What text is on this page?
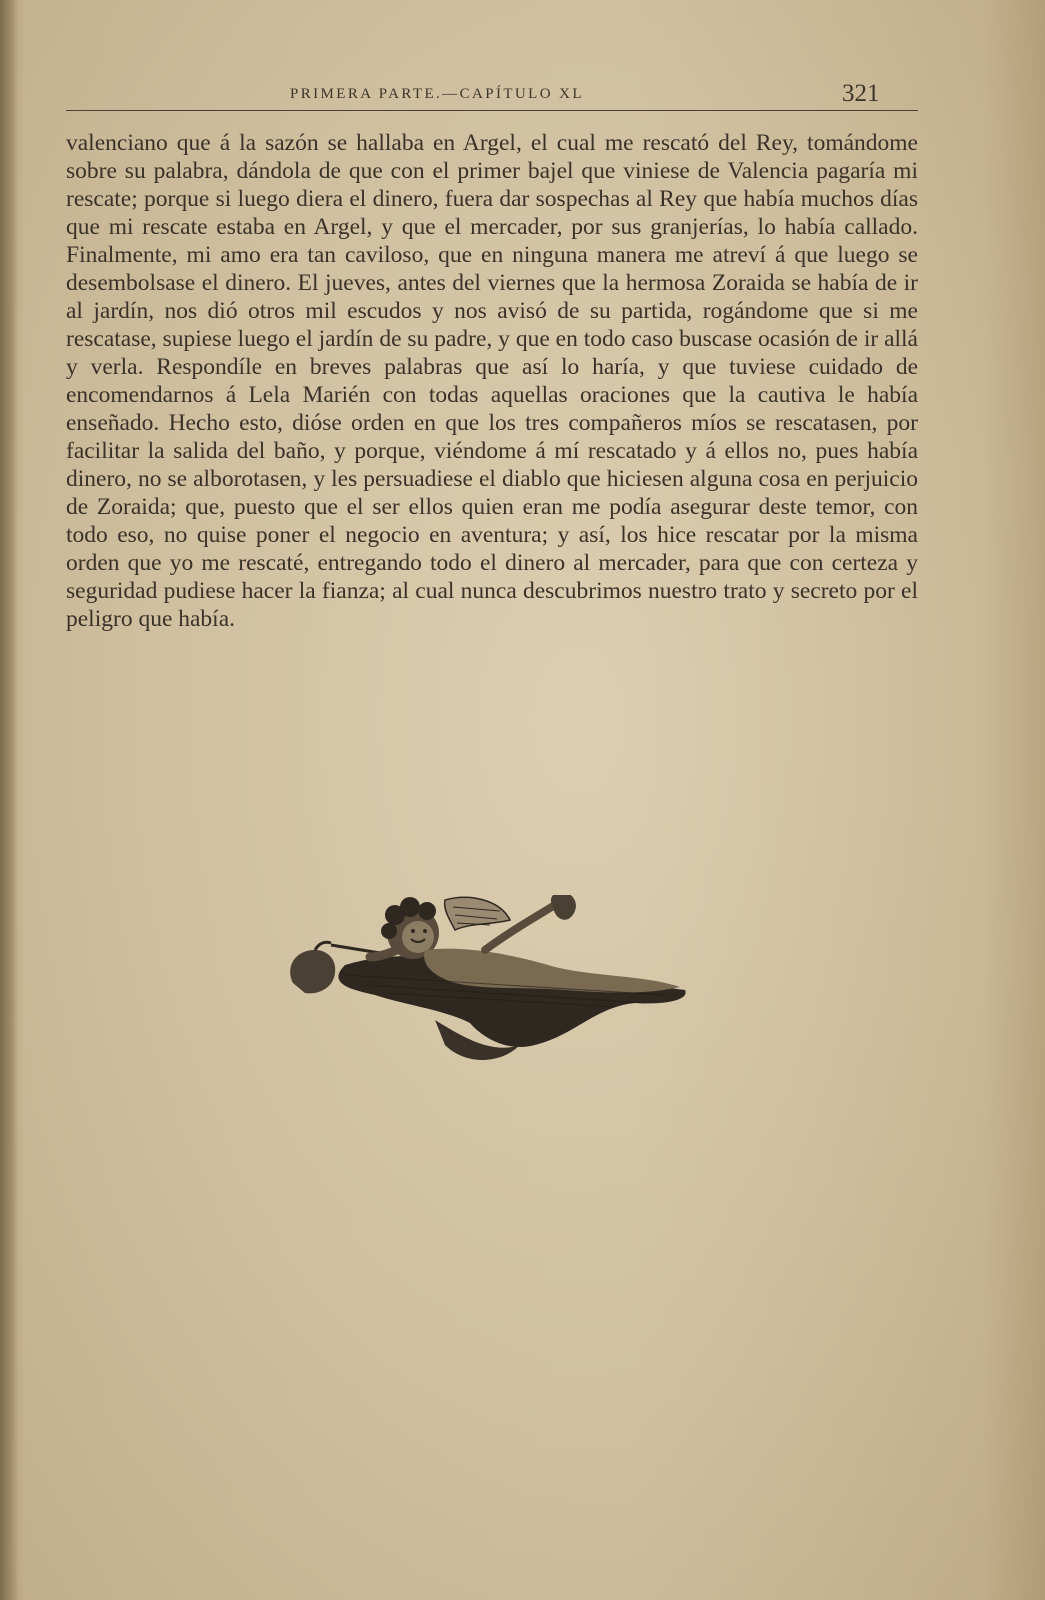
PRIMERA PARTE.—CAPÍTULO XL	321

valenciano que á la sazón se hallaba en Argel, el cual me rescató del Rey, tomándome sobre su palabra, dándola de que con el primer bajel que viniese de Valencia pagaría mi rescate; porque si luego diera el dinero, fuera dar sospechas al Rey que había muchos días que mi rescate estaba en Argel, y que el mercader, por sus granjerías, lo había callado. Finalmente, mi amo era tan caviloso, que en ninguna manera me atreví á que luego se desembolsase el dinero. El jueves, antes del viernes que la hermosa Zoraida se había de ir al jardín, nos dió otros mil escudos y nos avisó de su partida, rogándome que si me rescatase, supiese luego el jardín de su padre, y que en todo caso buscase ocasión de ir allá y verla. Respondíle en breves palabras que así lo haría, y que tuviese cuidado de encomendarnos á Lela Marién con todas aquellas oraciones que la cautiva le había enseñado. Hecho esto, dióse orden en que los tres compañeros míos se rescatasen, por facilitar la salida del baño, y porque, viéndome á mí rescatado y á ellos no, pues había dinero, no se alborotasen, y les persuadiese el diablo que hiciesen alguna cosa en perjuicio de Zoraida; que, puesto que el ser ellos quien eran me podía asegurar deste temor, con todo eso, no quise poner el negocio en aventura; y así, los hice rescatar por la misma orden que yo me rescaté, entregando todo el dinero al mercader, para que con certeza y seguridad pudiese hacer la fianza; al cual nunca descubrimos nuestro trato y secreto por el peligro que había.
